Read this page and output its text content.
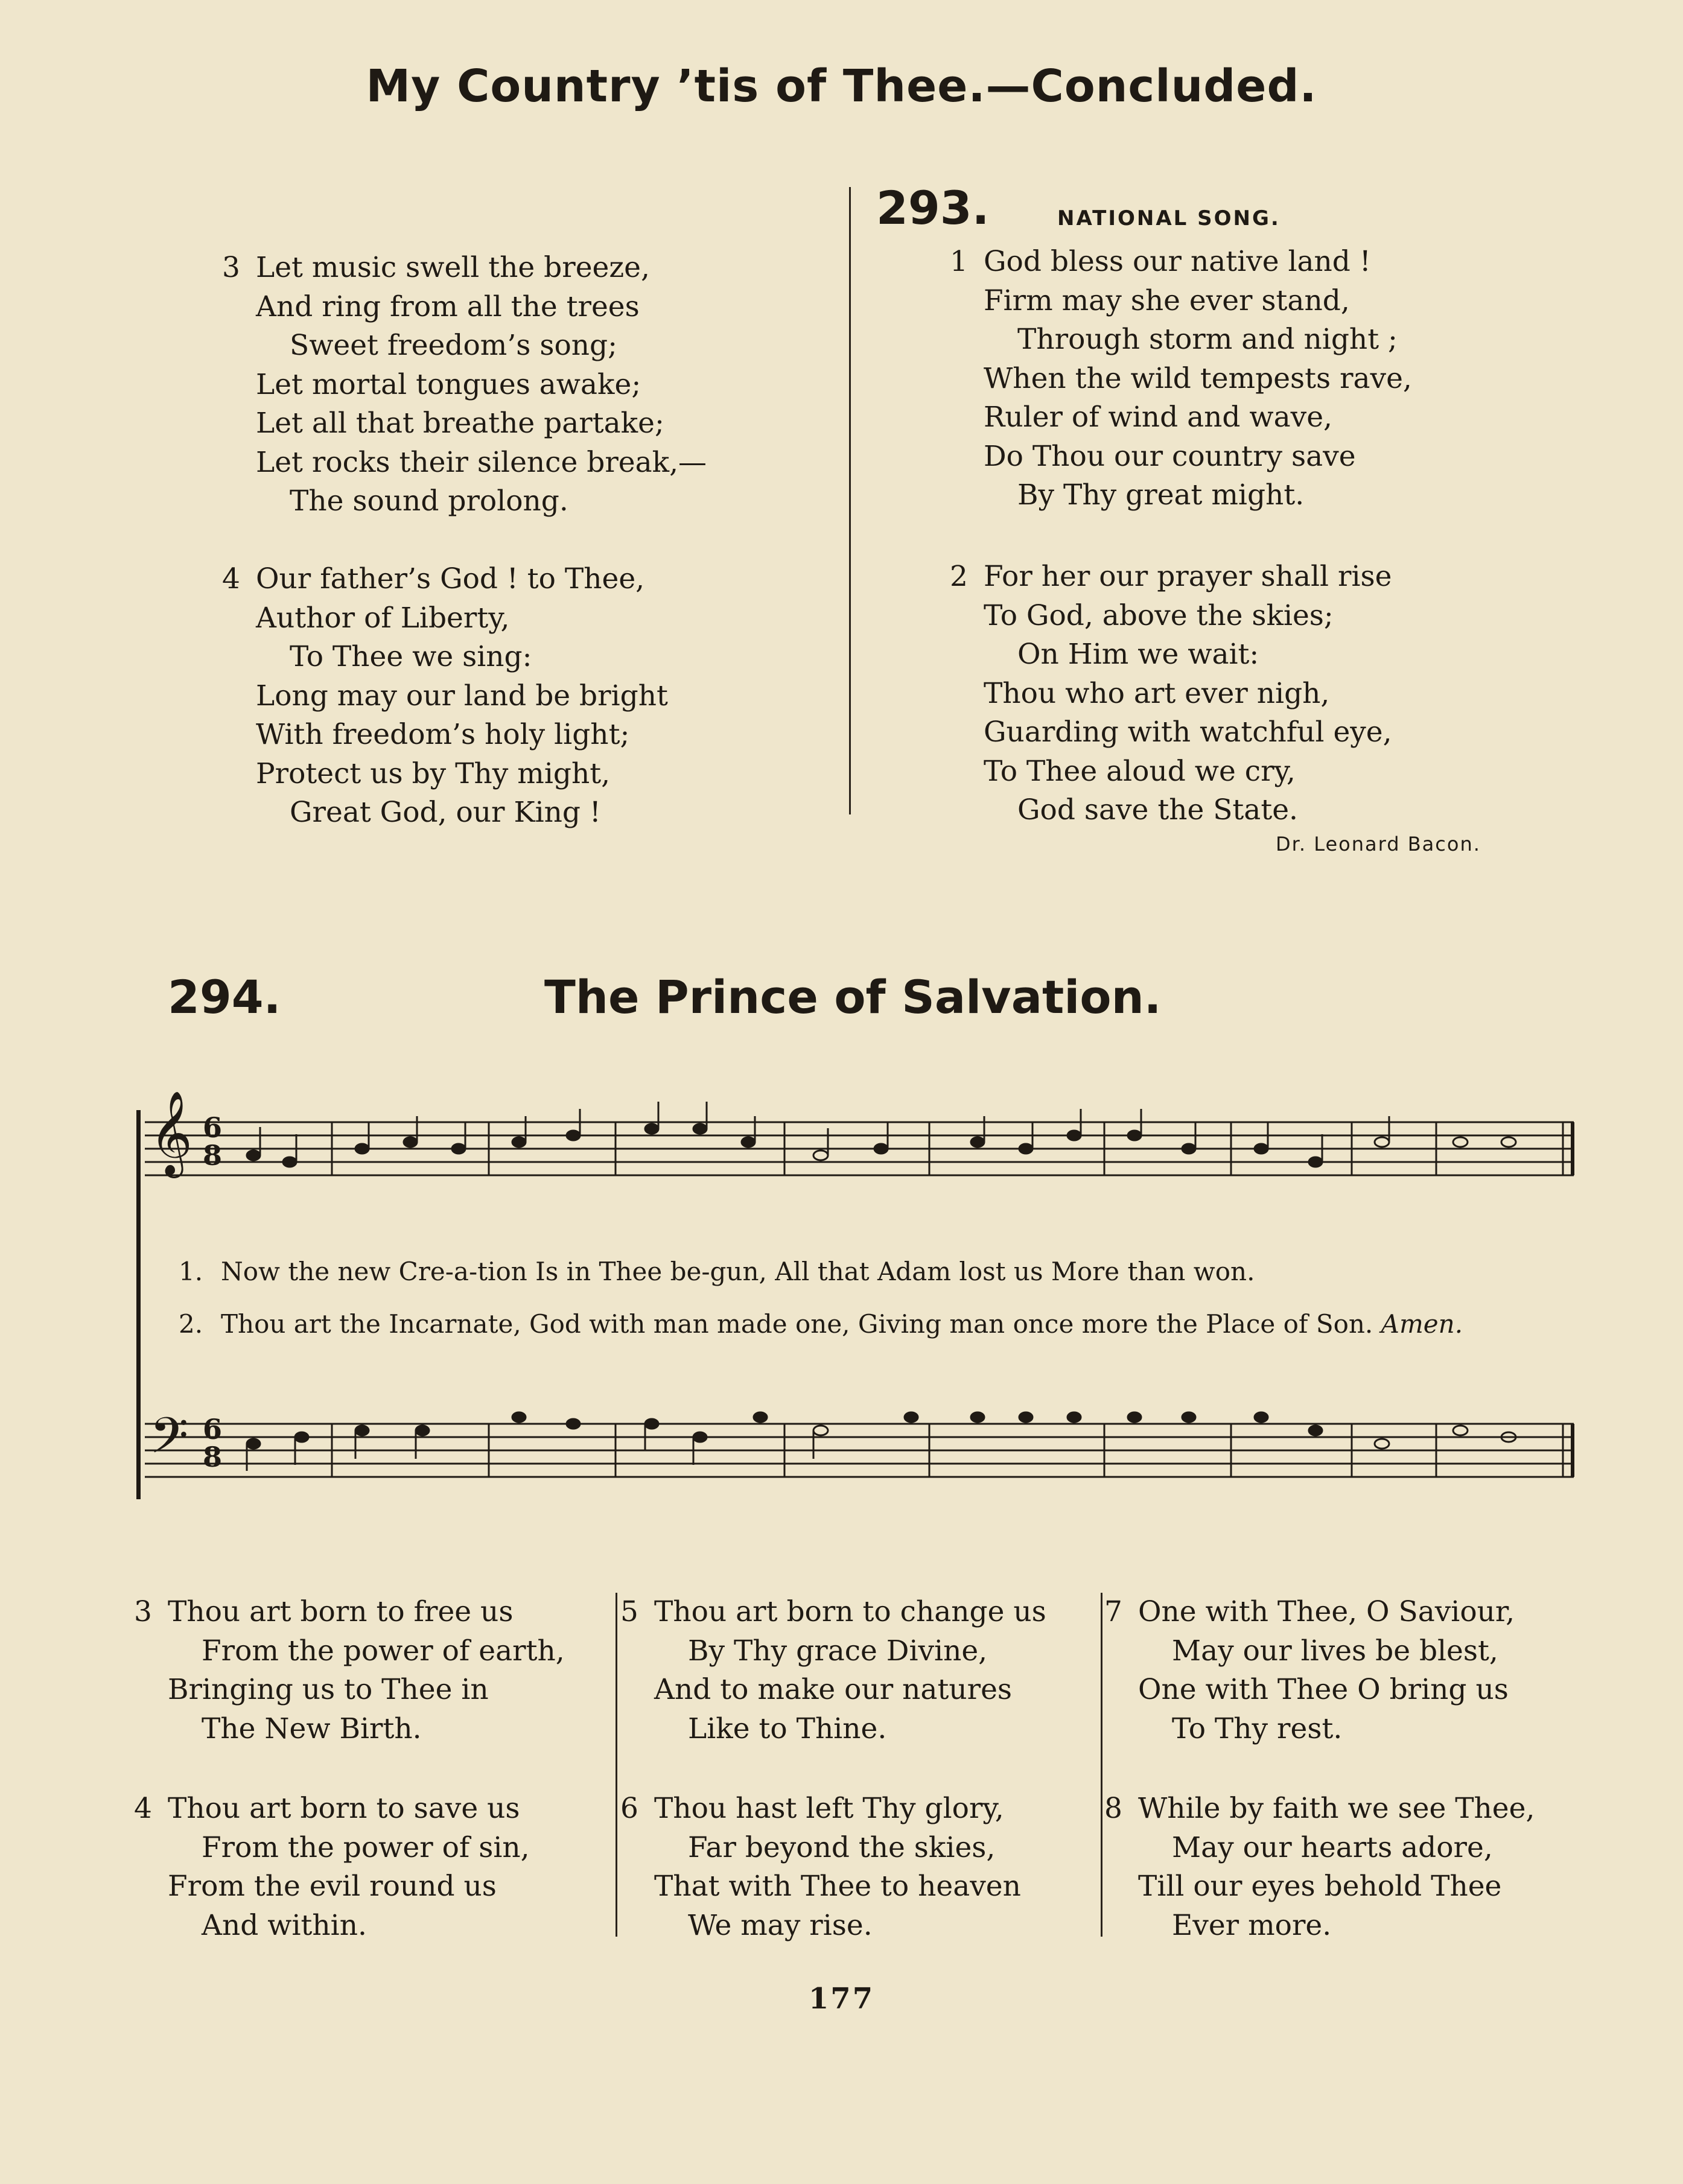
My Country ’tis of Thee.—Concluded.
3 Let music swell the breeze,
And ring from all the trees
Sweet freedom’s song;
Let mortal tongues awake;
Let all that breathe partake;
Let rocks their silence break,—
The sound prolong.
4 Our father’s God ! to Thee,
Author of Liberty,
To Thee we sing:
Long may our land be bright
With freedom’s holy light;
Protect us by Thy might,
Great God, our King !
293.	NATIONAL SONG.
1 God bless our native land !
Firm may she ever stand,
Through storm and night ;
When the wild tempests rave,
Ruler of wind and wave,
Do Thou our country save
By Thy great might.
2 For her our prayer shall rise
To God, above the skies;
On Him we wait:
Thou who art ever nigh,
Guarding with watchful eye,
To Thee aloud we cry,
God save the State.
Dr. Leonard Bacon.
294.	The Prince of Salvation.
𝄞
𝄢
6
8
6
8
1. Now the new Cre-a-tion Is in Thee be-gun, All that Adam lost us More than won.
2. Thou art the Incarnate, God with man made one, Giving man once more the Place of Son. Amen.
3 Thou art born to free us
From the power of earth,
Bringing us to Thee in
The New Birth.
4 Thou art born to save us
From the power of sin,
From the evil round us
And within.
5 Thou art born to change us
By Thy grace Divine,
And to make our natures
Like to Thine.
6 Thou hast left Thy glory,
Far beyond the skies,
That with Thee to heaven
We may rise.
7 One with Thee, O Saviour,
May our lives be blest,
One with Thee O bring us
To Thy rest.
8 While by faith we see Thee,
May our hearts adore,
Till our eyes behold Thee
Ever more.
177
